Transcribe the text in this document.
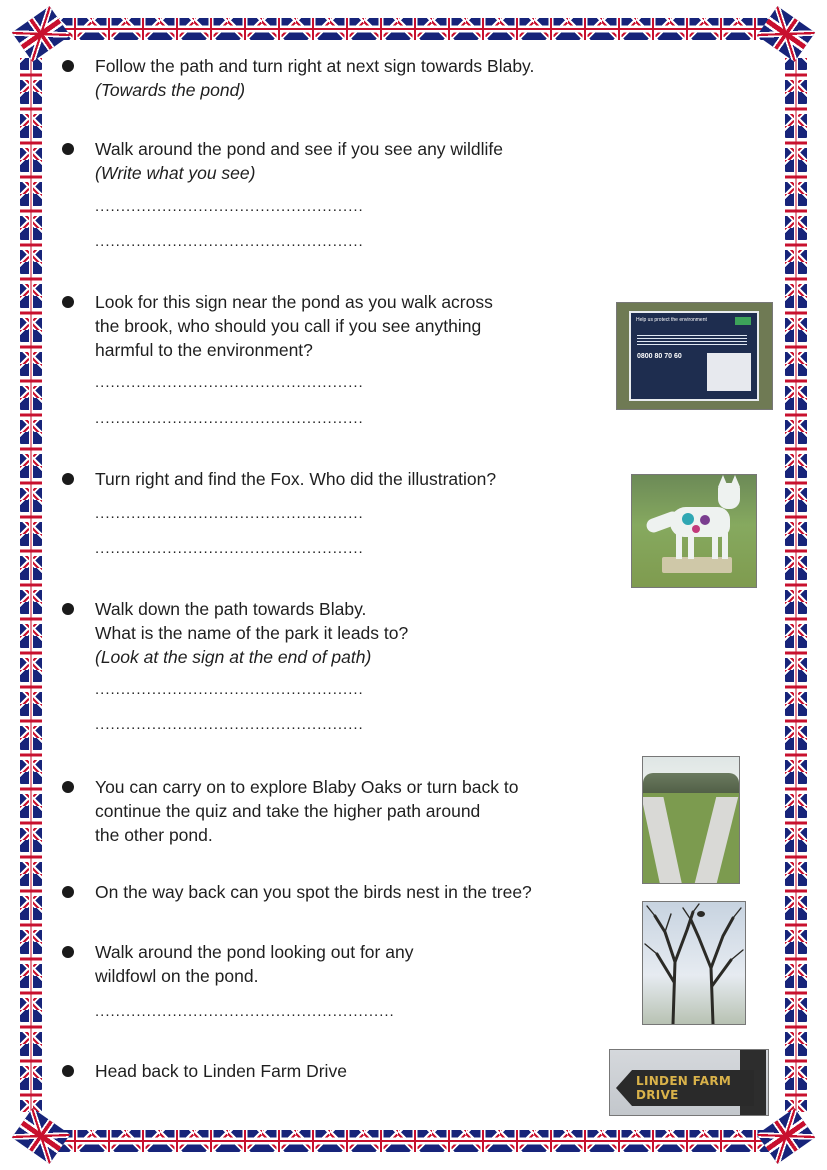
Follow the path and turn right at next sign towards Blaby.
(Towards the pond)
Walk around the pond and see if you see any wildlife
(Write what you see)
....................................................
....................................................
Look for this sign near the pond as you walk across
the brook, who should you call if you see anything
harmful to the environment?
....................................................
....................................................
Help us protect the environment
0800 80 70 60
Turn right and find the Fox. Who did the illustration?
....................................................
....................................................
Walk down the path towards Blaby.
What is the name of the park it leads to?
(Look at the sign at the end of path)
....................................................
....................................................
You can carry on to explore Blaby Oaks or turn back to
continue the quiz and take the higher path around
the other pond.
On the way back can you spot the birds nest in the tree?
Walk around the pond looking out for any
wildfowl on the pond.
..........................................................
Head back to Linden Farm Drive	LINDEN FARM
DRIVE
